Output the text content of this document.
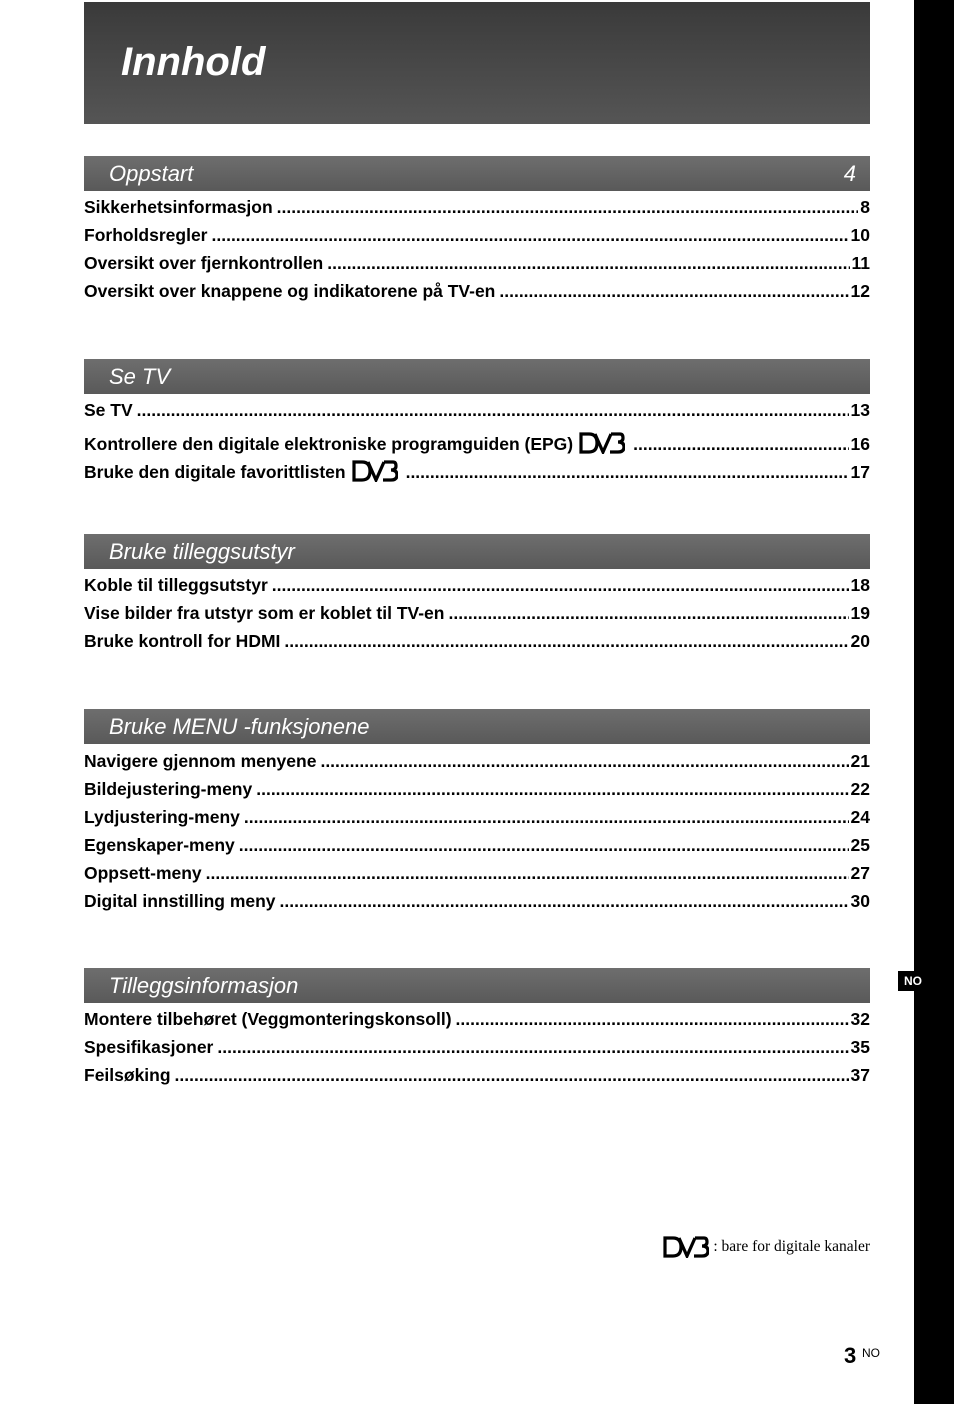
Innhold
NO
Oppstart	4
Sikkerhetsinformasjon .....	8
Forholdsregler .....	10
Oversikt over fjernkontrollen .....	11
Oversikt over knappene og indikatorene på TV-en .....	12
Se TV
Se TV .....	13
Kontrollere den digitale elektroniske programguiden (EPG) .....	16
Bruke den digitale favorittlisten .....	17
Bruke tilleggsutstyr
Koble til tilleggsutstyr .....	18
Vise bilder fra utstyr som er koblet til TV-en .....	19
Bruke kontroll for HDMI .....	20
Bruke MENU -funksjonene
Navigere gjennom menyene .....	21
Bildejustering-meny .....	22
Lydjustering-meny .....	24
Egenskaper-meny .....	25
Oppsett-meny .....	27
Digital innstilling meny .....	30
Tilleggsinformasjon
Montere tilbehøret (Veggmonteringskonsoll) .....	32
Spesifikasjoner .....	35
Feilsøking .....	37
: bare for digitale kanaler
3 NO
